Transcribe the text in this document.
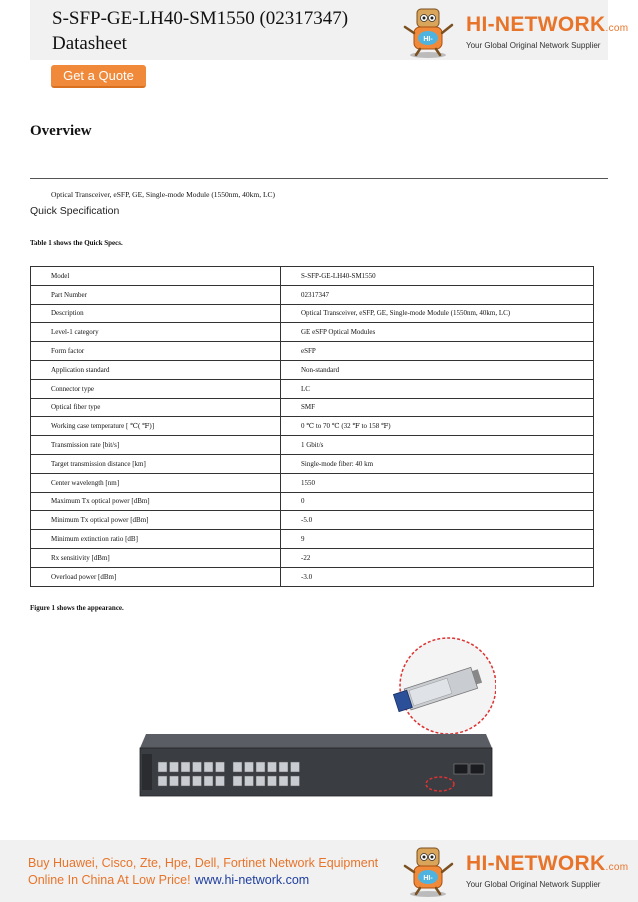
S-SFP-GE-LH40-SM1550 (02317347)
Datasheet	HI-
HI-NETWORK.com
Your Global Original Network Supplier
Get a Quote
Overview
Optical Transceiver, eSFP, GE, Single-mode Module (1550nm, 40km, LC)
Quick Specification
Table 1 shows the Quick Specs.
Model	S-SFP-GE-LH40-SM1550
Part Number	02317347
Description	Optical Transceiver, eSFP, GE, Single-mode Module (1550nm, 40km, LC)
Level-1 category	GE eSFP Optical Modules
Form factor	eSFP
Application standard	Non-standard
Connector type	LC
Optical fiber type	SMF
Working case temperature [ ℃( ℉)]	0 ℃ to 70 ℃ (32 ℉ to 158 ℉)
Transmission rate [bit/s]	1 Gbit/s
Target transmission distance [km]	Single-mode fiber: 40 km
Center wavelength [nm]	1550
Maximum Tx optical power [dBm]	0
Minimum Tx optical power [dBm]	-5.0
Minimum extinction ratio [dB]	9
Rx sensitivity [dBm]	-22
Overload power [dBm]	-3.0
Figure 1 shows the appearance.
Buy Huawei, Cisco, Zte, Hpe, Dell, Fortinet Network Equipment
Online In China At Low Price! www.hi-network.com	HI-
HI-NETWORK.com
Your Global Original Network Supplier
